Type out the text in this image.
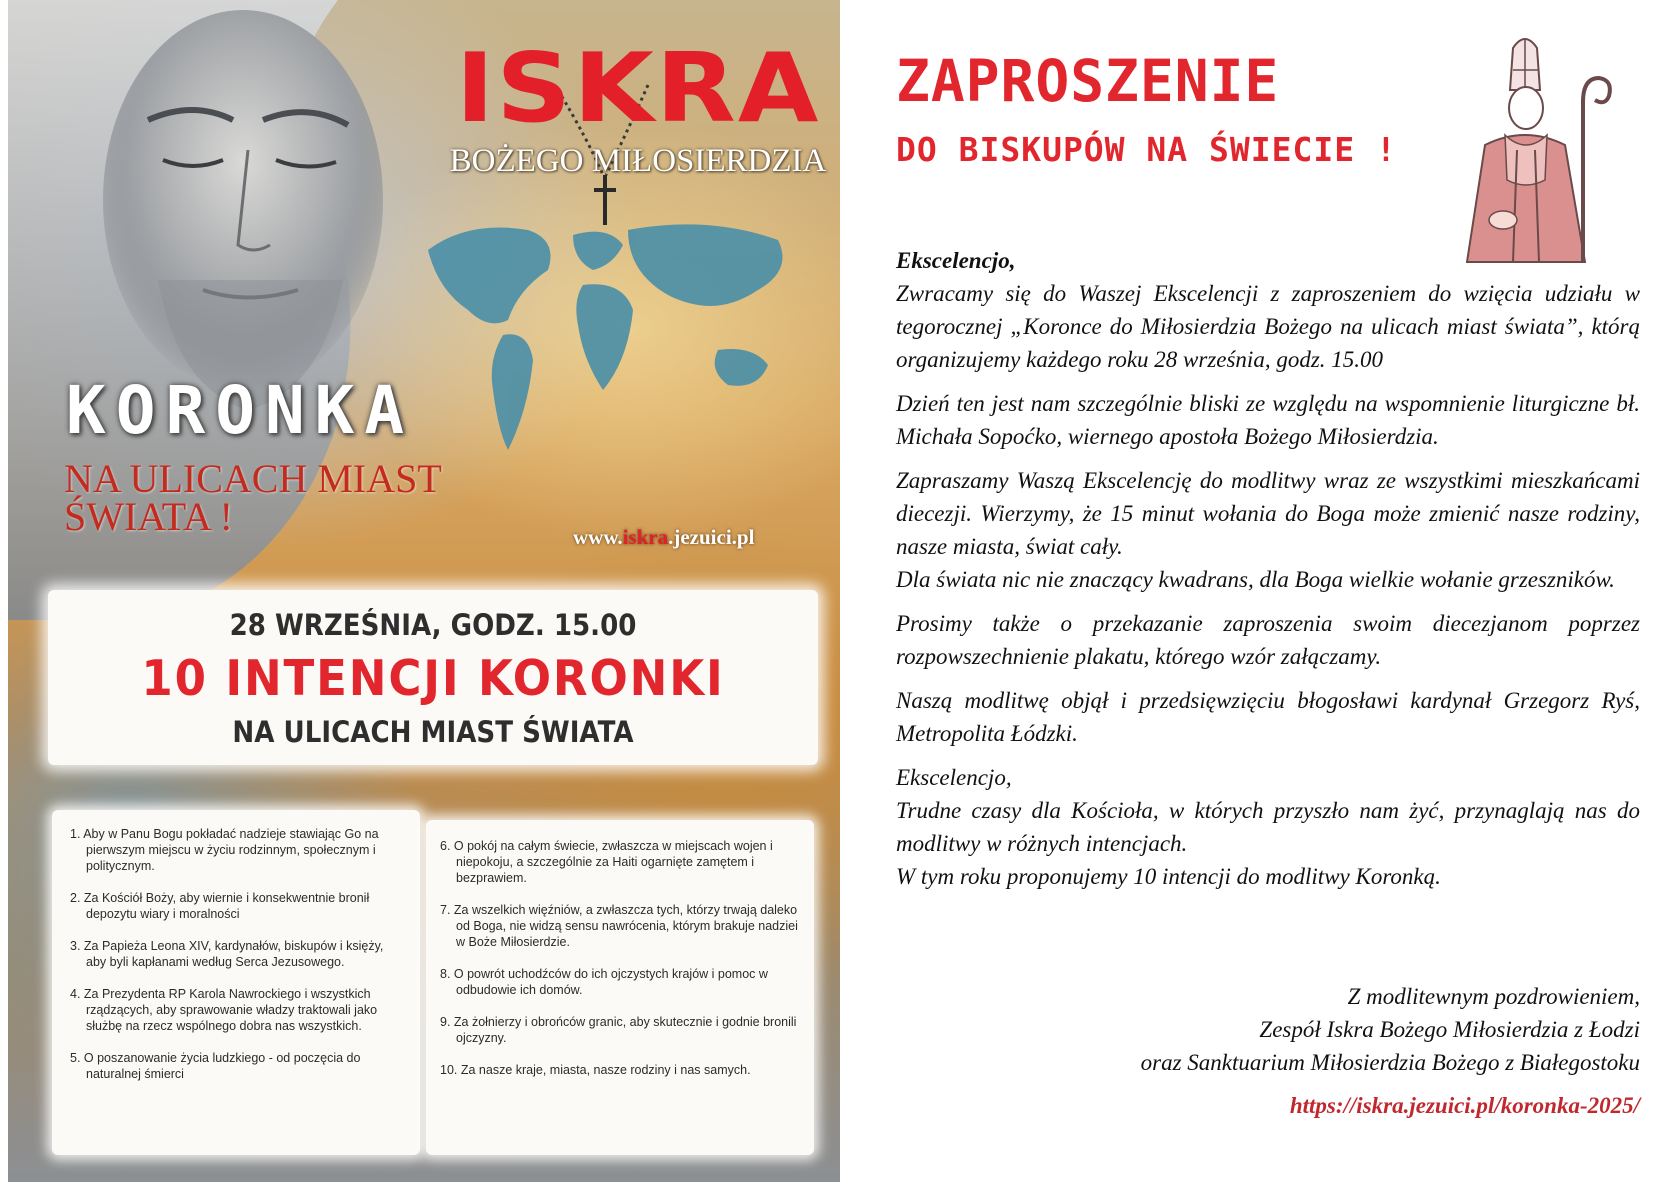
ISKRA
BOŻEGO MIŁOSIERDZIA
KORONKA
NA ULICACH MIAST
ŚWIATA !	www.iskra.jezuici.pl
28 WRZEŚNIA, GODZ. 15.00
10 INTENCJI KORONKI
NA ULICACH MIAST ŚWIATA
1. Aby w Panu Bogu pokładać nadzieje stawiając Go na pierwszym miejscu w życiu rodzinnym, społecznym i politycznym.
2. Za Kościół Boży, aby wiernie i konsekwentnie bronił depozytu wiary i moralności
3. Za Papieża Leona XIV, kardynałów, biskupów i księży, aby byli kapłanami według Serca Jezusowego.
4. Za Prezydenta RP Karola Nawrockiego i wszystkich rządzących, aby sprawowanie władzy traktowali jako służbę na rzecz wspólnego dobra nas wszystkich.
5. O poszanowanie życia ludzkiego - od poczęcia do naturalnej śmierci
6. O pokój na całym świecie, zwłaszcza w miejscach wojen i niepokoju, a szczególnie za Haiti ogarnięte zamętem i bezprawiem.
7. Za wszelkich więźniów, a zwłaszcza tych, którzy trwają daleko od Boga, nie widzą sensu nawrócenia, którym brakuje nadziei w Boże Miłosierdzie.
8. O powrót uchodźców do ich ojczystych krajów i pomoc w odbudowie ich domów.
9. Za żołnierzy i obrońców granic, aby skutecznie i godnie bronili ojczyzny.
10. Za nasze kraje, miasta, nasze rodziny i nas samych.
ZAPROSZENIE
DO BISKUPÓW NA ŚWIECIE !

Ekscelencjo,

Zwracamy się do Waszej Ekscelencji z zaproszeniem do wzięcia udziału w tegorocznej „Koronce do Miłosierdzia Bożego na ulicach miast świata”, którą organizujemy każdego roku 28 września, godz. 15.00

Dzień ten jest nam szczególnie bliski ze względu na wspomnienie liturgiczne bł. Michała Sopoćko, wiernego apostoła Bożego Miłosierdzia.

Zapraszamy Waszą Ekscelencję do modlitwy wraz ze wszystkimi mieszkańcami diecezji. Wierzymy, że 15 minut wołania do Boga może zmienić nasze rodziny, nasze miasta, świat cały.

Dla świata nic nie znaczący kwadrans, dla Boga wielkie wołanie grzeszników.

Prosimy także o przekazanie zaproszenia swoim diecezjanom poprzez rozpowszechnienie plakatu, którego wzór załączamy.

Naszą modlitwę objął i przedsięwzięciu błogosławi kardynał Grzegorz Ryś, Metropolita Łódzki.

Ekscelencjo,

Trudne czasy dla Kościoła, w których przyszło nam żyć, przynaglają nas do modlitwy w różnych intencjach.

W tym roku proponujemy 10 intencji do modlitwy Koronką.

Z modlitewnym pozdrowieniem,
Zespół Iskra Bożego Miłosierdzia z Łodzi
oraz Sanktuarium Miłosierdzia Bożego z Białegostoku
https://iskra.jezuici.pl/koronka-2025/
